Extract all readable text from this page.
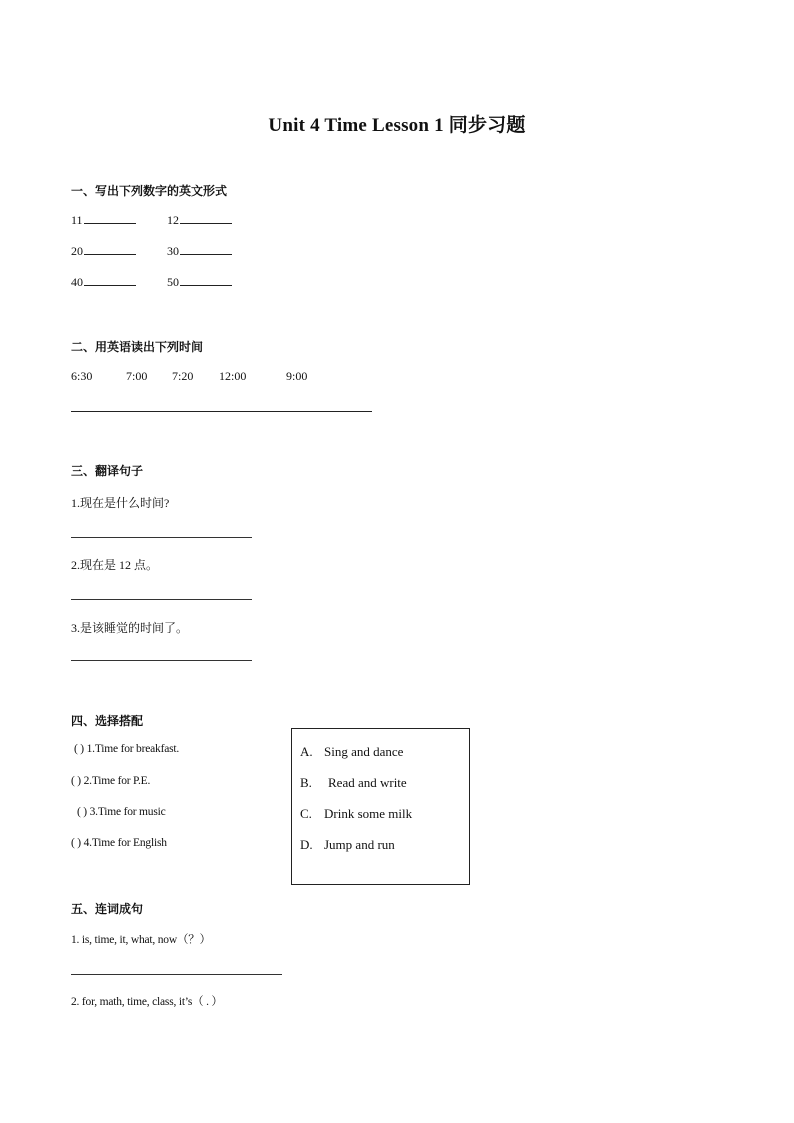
Unit 4 Time Lesson 1 同步习题
一、写出下列数字的英文形式
11	12
20	30
40	50
二、用英语读出下列时间
6:30	7:00 7:20 12:00	9:00
三、翻译句子
1.现在是什么时间?
2.现在是 12 点。
3.是该睡觉的时间了。
四、选择搭配
( ) 1.Time for breakfast.
( ) 2.Time for P.E.
( ) 3.Time for music
( ) 4.Time for English
A. Sing and dance
B. Read and write
C. Drink some milk
D. Jump and run
五、连词成句
1. is, time, it, what, now（？）
2. for, math, time, class, it’s（ . ）
